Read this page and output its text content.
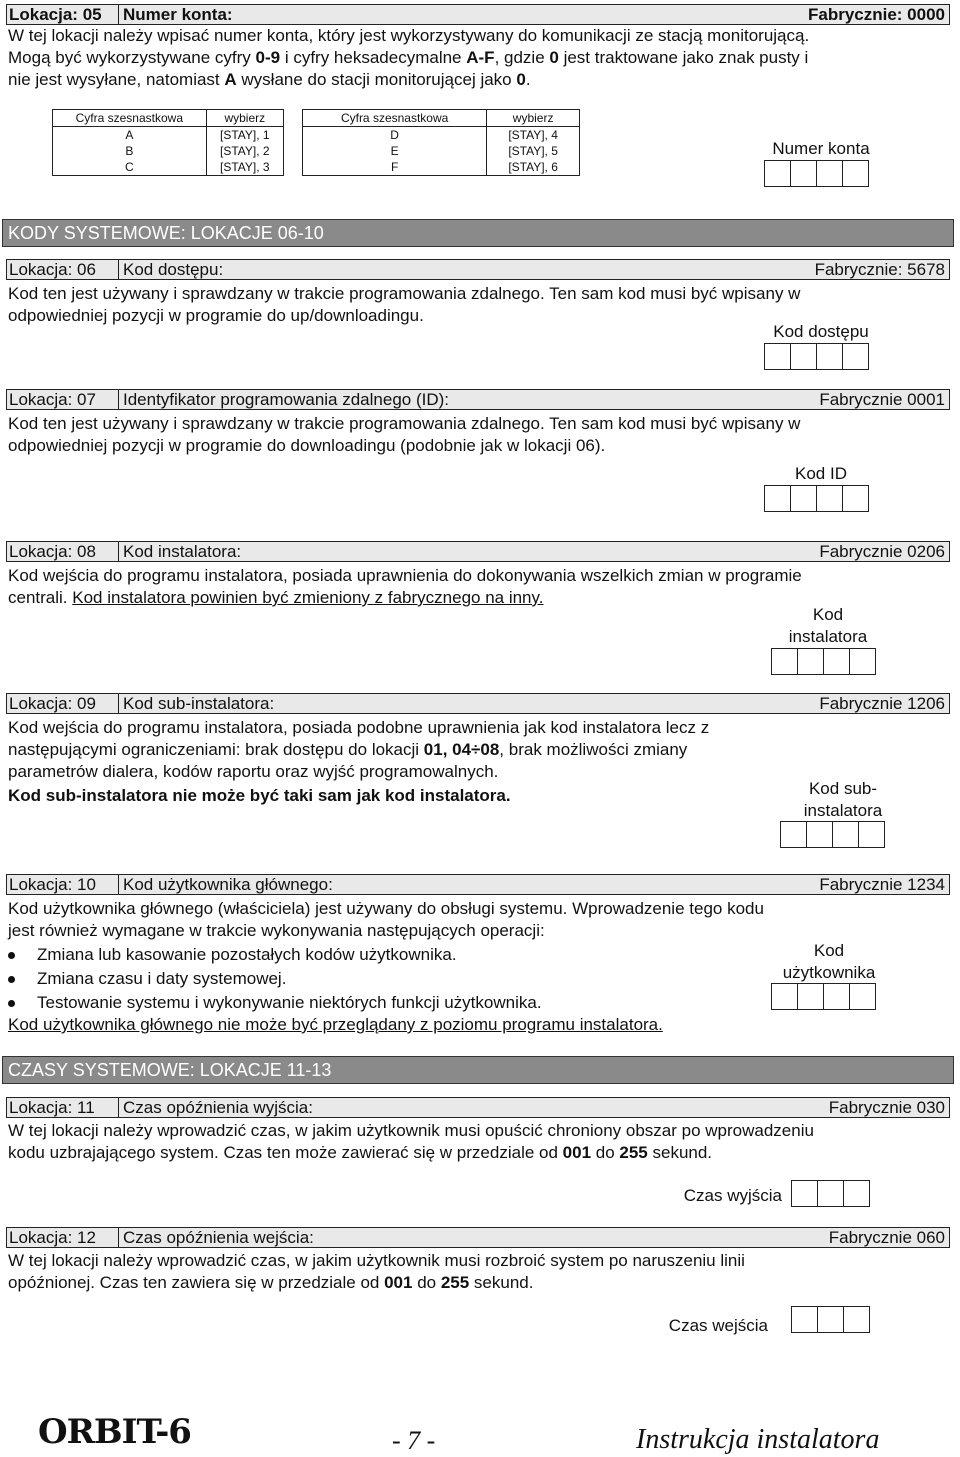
Lokacja: 05	Numer konta:	Fabrycznie: 0000
W tej lokacji należy wpisać numer konta, który jest wykorzystywany do komunikacji ze stacją monitorującą.
Mogą być wykorzystywane cyfry 0-9 i cyfry heksadecymalne A-F, gdzie 0 jest traktowane jako znak pusty i
nie jest wysyłane, natomiast A wysłane do stacji monitorującej jako 0.
Cyfra szesnastkowa	wybierz
A	[STAY], 1
B	[STAY], 2
C	[STAY], 3
Cyfra szesnastkowa	wybierz
D	[STAY], 4
E	[STAY], 5
F	[STAY], 6
Numer konta
KODY SYSTEMOWE: LOKACJE 06-10
Lokacja: 06	Kod dostępu:	Fabrycznie: 5678
Kod ten jest używany i sprawdzany w trakcie programowania zdalnego. Ten sam kod musi być wpisany w
odpowiedniej pozycji w programie do up/downloadingu.
Kod dostępu
Lokacja: 07	Identyfikator programowania zdalnego (ID):	Fabrycznie 0001
Kod ten jest używany i sprawdzany w trakcie programowania zdalnego. Ten sam kod musi być wpisany w
odpowiedniej pozycji w programie do downloadingu (podobnie jak w lokacji 06).
Kod ID
Lokacja: 08	Kod instalatora:	Fabrycznie 0206
Kod wejścia do programu instalatora, posiada uprawnienia do dokonywania wszelkich zmian w programie
centrali. Kod instalatora powinien być zmieniony z fabrycznego na inny.
Kod
instalatora
Lokacja: 09	Kod sub-instalatora:	Fabrycznie 1206
Kod wejścia do programu instalatora, posiada podobne uprawnienia jak kod instalatora lecz z
następującymi ograniczeniami: brak dostępu do lokacji 01, 04÷08, brak możliwości zmiany
parametrów dialera, kodów raportu oraz wyjść programowalnych.
Kod sub-instalatora nie może być taki sam jak kod instalatora.	Kod sub-
instalatora
Lokacja: 10	Kod użytkownika głównego:	Fabrycznie 1234
Kod użytkownika głównego (właściciela) jest używany do obsługi systemu. Wprowadzenie tego kodu
jest również wymagane w trakcie wykonywania następujących operacji:
Zmiana lub kasowanie pozostałych kodów użytkownika.
Zmiana czasu i daty systemowej.
Testowanie systemu i wykonywanie niektórych funkcji użytkownika.
Kod użytkownika głównego nie może być przeglądany z poziomu programu instalatora.
Kod
użytkownika
CZASY SYSTEMOWE: LOKACJE 11-13
Lokacja: 11	Czas opóźnienia wyjścia:	Fabrycznie 030
W tej lokacji należy wprowadzić czas, w jakim użytkownik musi opuścić chroniony obszar po wprowadzeniu
kodu uzbrajającego system. Czas ten może zawierać się w przedziale od 001 do 255 sekund.
Czas wyjścia
Lokacja: 12	Czas opóźnienia wejścia:	Fabrycznie 060
W tej lokacji należy wprowadzić czas, w jakim użytkownik musi rozbroić system po naruszeniu linii
opóźnionej. Czas ten zawiera się w przedziale od 001 do 255 sekund.
Czas wejścia
ORBIT-6	- 7 -	Instrukcja instalatora
